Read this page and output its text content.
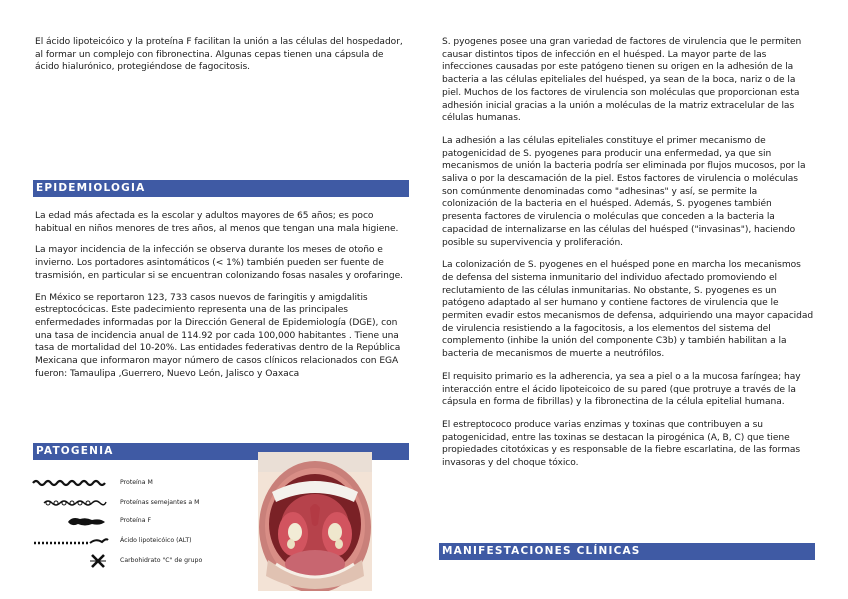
El ácido lipoteicóico y la proteína F facilitan la unión a las células del hospedador, al formar un complejo con fibronectina. Algunas cepas tienen una cápsula de ácido hialurónico, protegiéndose de fagocitosis.

EPIDEMIOLOGIA

La edad más afectada es la escolar y adultos mayores de 65 años; es poco habitual en niños menores de tres años, al menos que tengan una mala higiene.

La mayor incidencia de la infección se observa durante los meses de otoño e invierno. Los portadores asintomáticos (< 1%) también pueden ser fuente de trasmisión, en particular si se encuentran colonizando fosas nasales y orofaringe.

En México se reportaron 123, 733 casos nuevos de faringitis y amigdalitis estreptocócicas. Este padecimiento representa una de las principales enfermedades informadas por la Dirección General de Epidemiología (DGE), con una tasa de incidencia anual de 114.92 por cada 100,000 habitantes . Tiene una tasa de mortalidad del 10-20%. Las entidades federativas dentro de la República Mexicana que informaron mayor número de casos clínicos relacionados con EGA fueron: Tamaulipa ,Guerrero, Nuevo León, Jalisco y Oaxaca

PATOGENIA
Proteína M
Proteínas semejantes a M
Proteína F
Ácido lipoteicóico (ALT)
Carbohidrato "C" de grupo

S. pyogenes posee una gran variedad de factores de virulencia que le permiten causar distintos tipos de infección en el huésped. La mayor parte de las infecciones causadas por este patógeno tienen su origen en la adhesión de la bacteria a las células epiteliales del huésped, ya sean de la boca, nariz o de la piel. Muchos de los factores de virulencia son moléculas que proporcionan esta adhesión inicial gracias a la unión a moléculas de la matriz extracelular de las células humanas.

La adhesión a las células epiteliales constituye el primer mecanismo de patogenicidad de S. pyogenes para producir una enfermedad, ya que sin mecanismos de unión la bacteria podría ser eliminada por flujos mucosos, por la saliva o por la descamación de la piel. Estos factores de virulencia o moléculas son comúnmente denominadas como "adhesinas" y así, se permite la colonización de la bacteria en el huésped. Además, S. pyogenes también presenta factores de virulencia o moléculas que conceden a la bacteria la capacidad de internalizarse en las células del huésped ("invasinas"), haciendo posible su supervivencia y proliferación.

La colonización de S. pyogenes en el huésped pone en marcha los mecanismos de defensa del sistema inmunitario del individuo afectado promoviendo el reclutamiento de las células inmunitarias. No obstante, S. pyogenes es un patógeno adaptado al ser humano y contiene factores de virulencia que le permiten evadir estos mecanismos de defensa, adquiriendo una mayor capacidad de virulencia resistiendo a la fagocitosis, a los elementos del sistema del complemento (inhibe la unión del componente C3b) y también habilitan a la bacteria de mecanismos de muerte a neutrófilos.

El requisito primario es la adherencia, ya sea a piel o a la mucosa faríngea; hay interacción entre el ácido lipoteicoico de su pared (que protruye a través de la cápsula en forma de fibrillas) y la fibronectina de la célula epitelial humana.

El estreptococo produce varias enzimas y toxinas que contribuyen a su patogenicidad, entre las toxinas se destacan la pirogénica (A, B, C) que tiene propiedades citotóxicas y es responsable de la fiebre escarlatina, de las formas invasoras y del choque tóxico.

MANIFESTACIONES CLÍNICAS
